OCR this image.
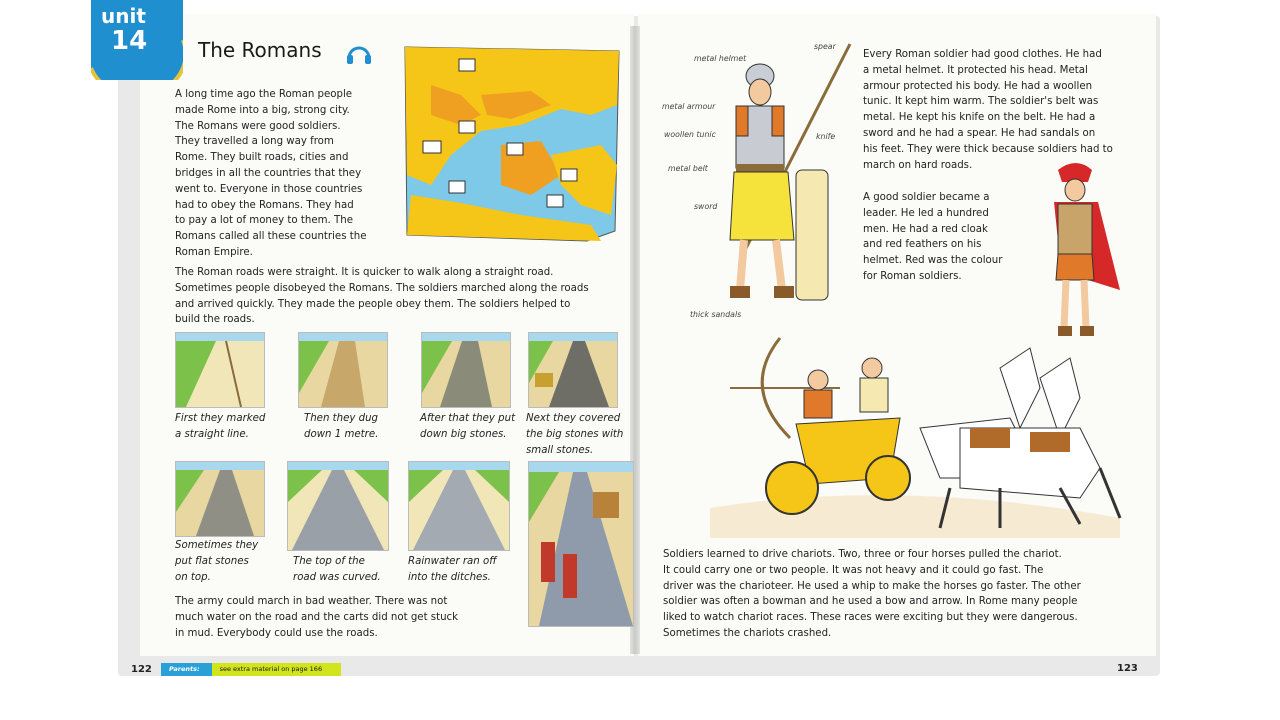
unit
14	The Romans
A long time ago the Roman people
made Rome into a big, strong city.
The Romans were good soldiers.
They travelled a long way from
Rome. They built roads, cities and
bridges in all the countries that they
went to. Everyone in those countries
had to obey the Romans. They had
to pay a lot of money to them. The
Romans called all these countries the
Roman Empire.
The Roman roads were straight. It is quicker to walk along a straight road.
Sometimes people disobeyed the Romans. The soldiers marched along the roads
and arrived quickly. They made the people obey them. The soldiers helped to
build the roads.
First they marked
a straight line.
Then they dug
down 1 metre.
After that they put
down big stones.
Next they covered
the big stones with
small stones.
Sometimes they
put flat stones
on top.
The top of the
road was curved.
Rainwater ran off
into the ditches.
The army could march in bad weather. There was not
much water on the road and the carts did not get stuck
in mud. Everybody could use the roads.
122	Parents:	see extra material on page 166
metal helmet
spear
metal armour
woollen tunic	knife
metal belt
sword
thick sandals
Every Roman soldier had good clothes. He had
a metal helmet. It protected his head. Metal
armour protected his body. He had a woollen
tunic. It kept him warm. The soldier's belt was
metal. He kept his knife on the belt. He had a
sword and he had a spear. He had sandals on
his feet. They were thick because soldiers had to
march on hard roads.
A good soldier became a
leader. He led a hundred
men. He had a red cloak
and red feathers on his
helmet. Red was the colour
for Roman soldiers.
Soldiers learned to drive chariots. Two, three or four horses pulled the chariot.
It could carry one or two people. It was not heavy and it could go fast. The
driver was the charioteer. He used a whip to make the horses go faster. The other
soldier was often a bowman and he used a bow and arrow. In Rome many people
liked to watch chariot races. These races were exciting but they were dangerous.
Sometimes the chariots crashed.
123
